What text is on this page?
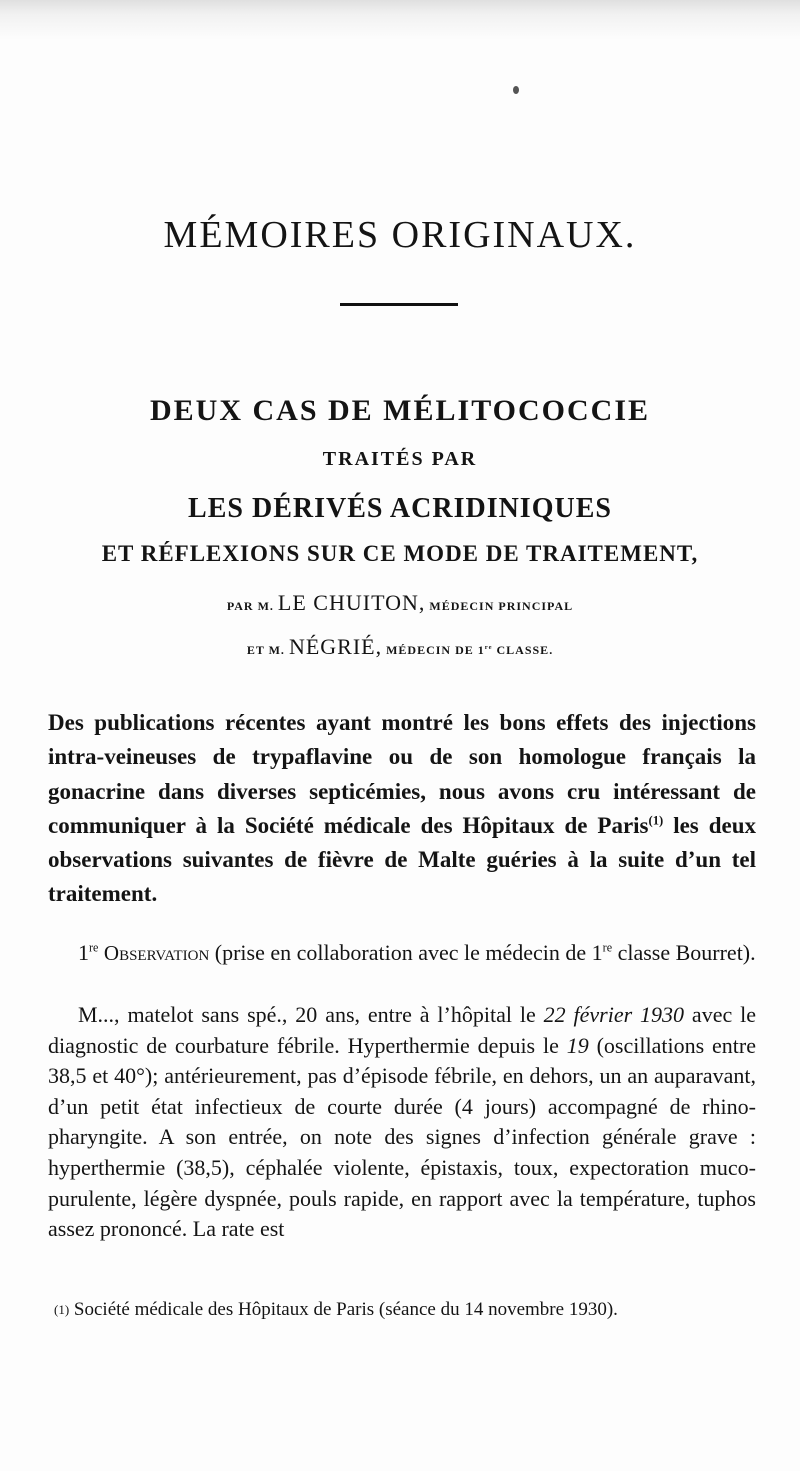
MÉMOIRES ORIGINAUX.
DEUX CAS DE MÉLITOCOCCIE
TRAITÉS PAR
LES DÉRIVÉS ACRIDINIQUES
ET RÉFLEXIONS SUR CE MODE DE TRAITEMENT,
PAR M. LE CHUITON, MÉDECIN PRINCIPAL
ET M. NÉGRIÉ, MÉDECIN DE 1re CLASSE.

Des publications récentes ayant montré les bons effets des injections intra-veineuses de trypaflavine ou de son homologue français la gonacrine dans diverses septicémies, nous avons cru intéressant de communiquer à la Société médicale des Hôpitaux de Paris$^{(1)}$ les deux observations suivantes de fièvre de Malte guéries à la suite d’un tel traitement.

1re Observation (prise en collaboration avec le médecin de 1re classe Bourret).

M..., matelot sans spé., 20 ans, entre à l’hôpital le 22 février 1930 avec le diagnostic de courbature fébrile. Hyperthermie depuis le 19 (oscillations entre 38,5 et 40°); antérieurement, pas d’épisode fébrile, en dehors, un an auparavant, d’un petit état infectieux de courte durée (4 jours) accompagné de rhino-pharyngite. A son entrée, on note des signes d’infection générale grave : hyperthermie (38,5), céphalée violente, épistaxis, toux, expectoration muco-purulente, légère dyspnée, pouls rapide, en rapport avec la température, tuphos assez prononcé. La rate est

$^{(1)}$ Société médicale des Hôpitaux de Paris (séance du 14 novembre 1930).
